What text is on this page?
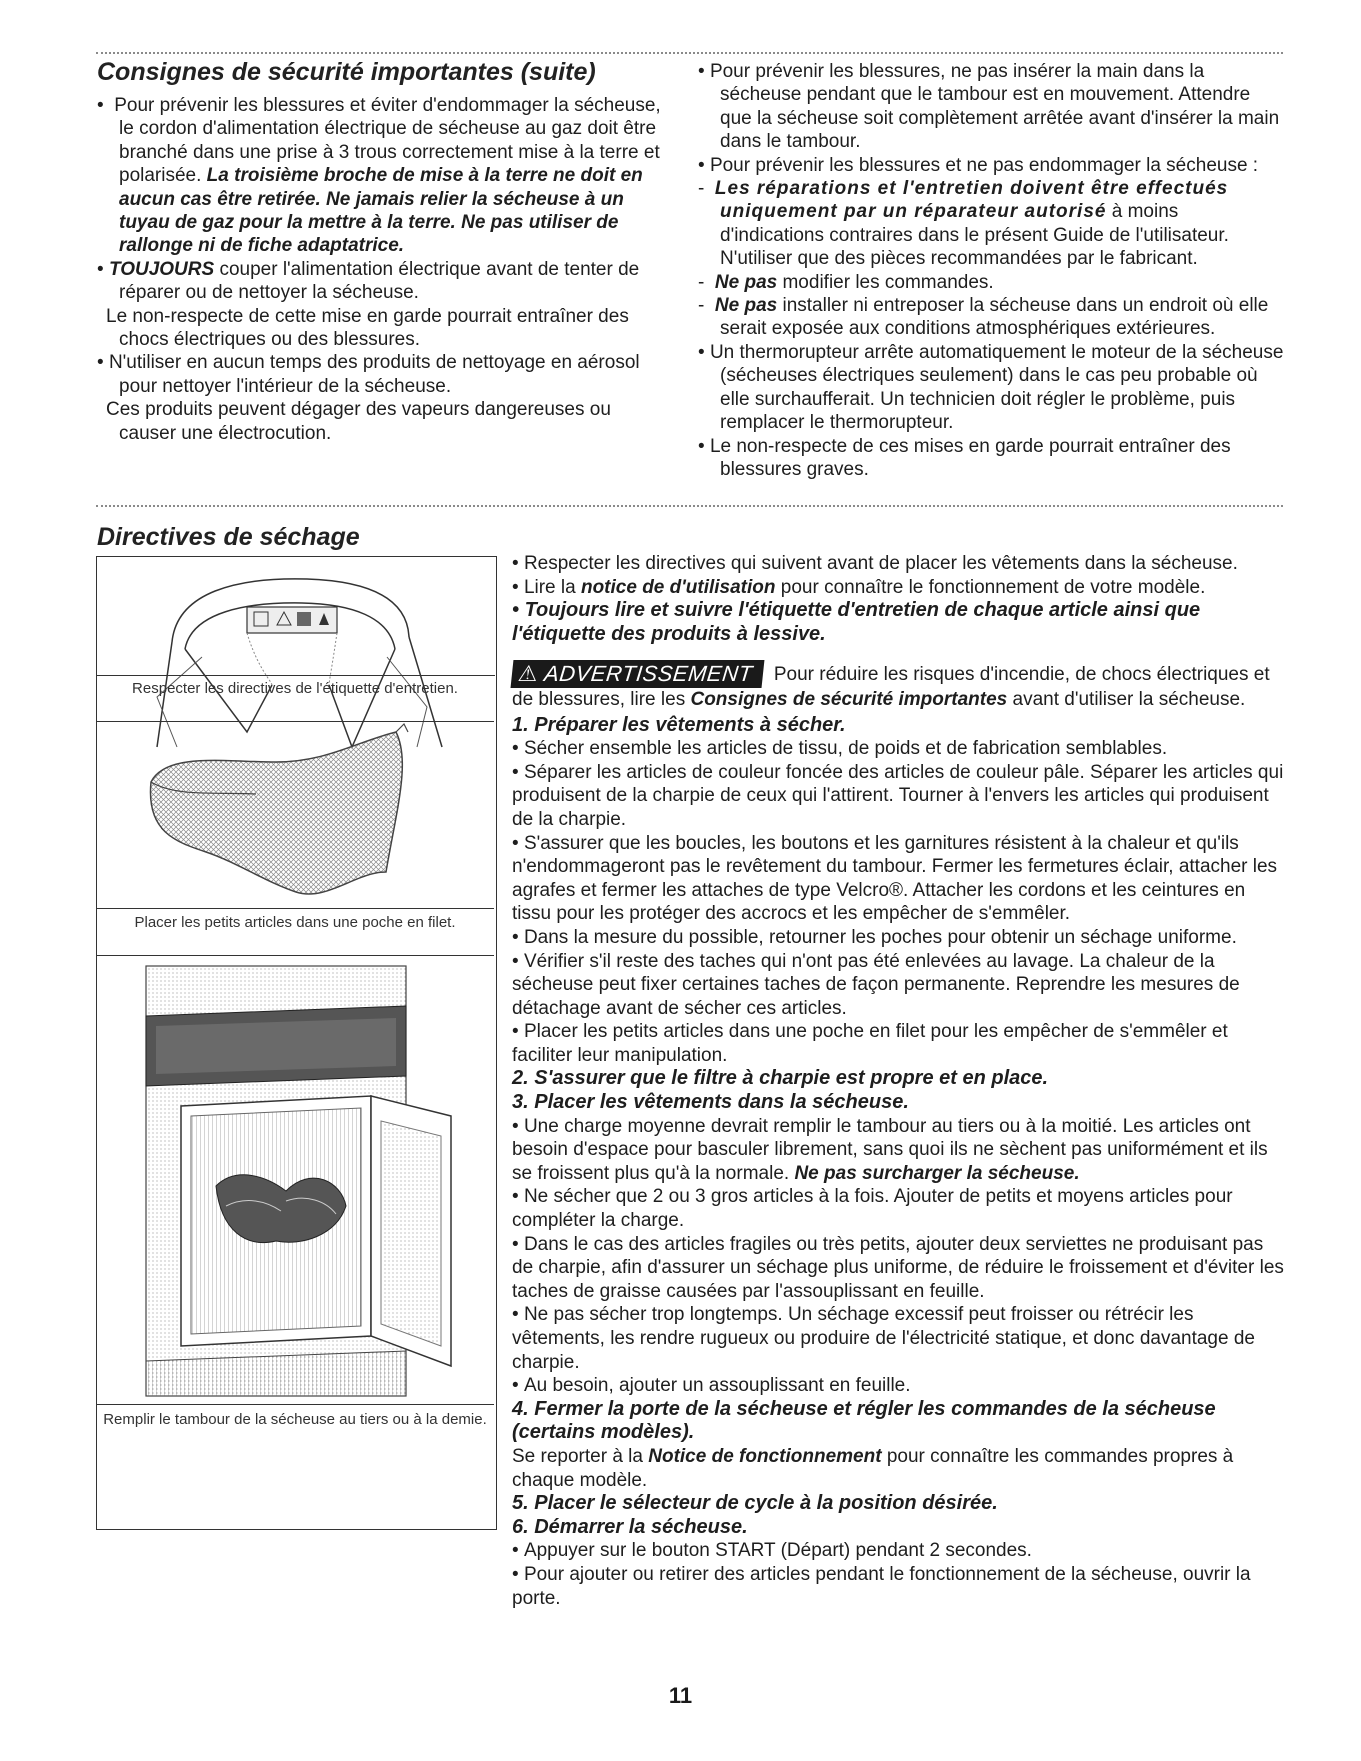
Consignes de sécurité importantes (suite)

•  Pour prévenir les blessures et éviter d'endommager la sécheuse, le cordon d'alimentation électrique de sécheuse au gaz doit être branché dans une prise à 3 trous correctement mise à la terre et polarisée. La troisième broche de mise à la terre ne doit en aucun cas être retirée. Ne jamais relier la sécheuse à un tuyau de gaz pour la mettre à la terre. Ne pas utiliser de rallonge ni de fiche adaptatrice.

• TOUJOURS couper l'alimentation électrique avant de tenter de réparer ou de nettoyer la sécheuse.

Le non-respecte de cette mise en garde pourrait entraîner des chocs électriques ou des blessures.

• N'utiliser en aucun temps des produits de nettoyage en aérosol pour nettoyer l'intérieur de la sécheuse.

Ces produits peuvent dégager des vapeurs dangereuses ou causer une électrocution.

• Pour prévenir les blessures, ne pas insérer la main dans la sécheuse pendant que le tambour est en mouvement. Attendre que la sécheuse soit complètement arrêtée avant d'insérer la main dans le tambour.

• Pour prévenir les blessures et ne pas endommager la sécheuse :

-  Les réparations et l'entretien doivent être effectués uniquement par un réparateur autorisé à moins d'indications contraires dans le présent Guide de l'utilisateur. N'utiliser que des pièces recommandées par le fabricant.

-  Ne pas modifier les commandes.

-  Ne pas installer ni entreposer la sécheuse dans un endroit où elle serait exposée aux conditions atmosphériques extérieures.

• Un thermorupteur arrête automatiquement le moteur de la sécheuse (sécheuses électriques seulement) dans le cas peu probable où elle surchaufferait. Un technicien doit régler le problème, puis remplacer le thermorupteur.

• Le non-respecte de ces mises en garde pourrait entraîner des blessures graves.

Directives de séchage
Respecter les directives de l'étiquette d'entretien.
Placer les petits articles dans une poche en filet.
Remplir le tambour de la sécheuse au tiers ou à la demie.

• Respecter les directives qui suivent avant de placer les vêtements dans la sécheuse.

• Lire la notice de d'utilisation pour connaître le fonctionnement de votre modèle.

• Toujours lire et suivre l'étiquette d'entretien de chaque article ainsi que l'étiquette des produits à lessive.

⚠ ADVERTISSEMENT Pour réduire les risques d'incendie, de chocs électriques et de blessures, lire les Consignes de sécurité importantes avant d'utiliser la sécheuse.

1. Préparer les vêtements à sécher.

• Sécher ensemble les articles de tissu, de poids et de fabrication semblables.

• Séparer les articles de couleur foncée des articles de couleur pâle. Séparer les articles qui produisent de la charpie de ceux qui l'attirent. Tourner à l'envers les articles qui produisent de la charpie.

• S'assurer que les boucles, les boutons et les garnitures résistent à la chaleur et qu'ils n'endommageront pas le revêtement du tambour. Fermer les fermetures éclair, attacher les agrafes et fermer les attaches de type Velcro®. Attacher les cordons et les ceintures en tissu pour les protéger des accrocs et les empêcher de s'emmêler.

• Dans la mesure du possible, retourner les poches pour obtenir un séchage uniforme.

• Vérifier s'il reste des taches qui n'ont pas été enlevées au lavage. La chaleur de la sécheuse peut fixer certaines taches de façon permanente. Reprendre les mesures de détachage avant de sécher ces articles.

• Placer les petits articles dans une poche en filet pour les empêcher de s'emmêler et faciliter leur manipulation.

2. S'assurer que le filtre à charpie est propre et en place.

3. Placer les vêtements dans la sécheuse.

• Une charge moyenne devrait remplir le tambour au tiers ou à la moitié. Les articles ont besoin d'espace pour basculer librement, sans quoi ils ne sèchent pas uniformément et ils se froissent plus qu'à la normale. Ne pas surcharger la sécheuse.

• Ne sécher que 2 ou 3 gros articles à la fois. Ajouter de petits et moyens articles pour compléter la charge.

• Dans le cas des articles fragiles ou très petits, ajouter deux serviettes ne produisant pas de charpie, afin d'assurer un séchage plus uniforme, de réduire le froissement et d'éviter les taches de graisse causées par l'assouplissant en feuille.

• Ne pas sécher trop longtemps. Un séchage excessif peut froisser ou rétrécir les vêtements, les rendre rugueux ou produire de l'électricité statique, et donc davantage de charpie.

• Au besoin, ajouter un assouplissant en feuille.

4. Fermer la porte de la sécheuse et régler les commandes de la sécheuse (certains modèles).

Se reporter à la Notice de fonctionnement pour connaître les commandes propres à chaque modèle.

5. Placer le sélecteur de cycle à la position désirée.

6. Démarrer la sécheuse.

• Appuyer sur le bouton START (Départ) pendant 2 secondes.

• Pour ajouter ou retirer des articles pendant le fonctionnement de la sécheuse, ouvrir la porte.

11
